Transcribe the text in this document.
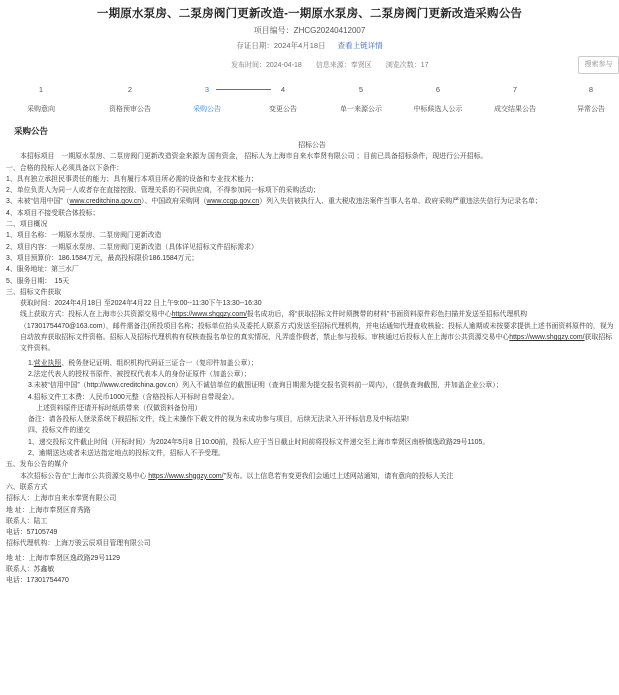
一期原水泵房、二泵房阀门更新改造-一期原水泵房、二泵房阀门更新改造采购公告
项目编号：ZHCG20240412007
存证日期：2024年4月18日 查看上链详情
发布时间：2024-04-18 信息来源：奉贤区 浏览次数：17	搜索参与
1
采购意向
2
资格预审公告
3
采购公告
4
变更公告
5
单一来源公示
6
中标候选人公示
7
成交结果公告
8
异常公告
采购公告

招标公告

本招标项目　一期原水泵房、二泵房阀门更新改造资金来源为 国有资金， 招标人为上海市自来水奉贤有限公司 ；目前已具备招标条件，现进行公开招标。

一、合格的投标人必须具备以下条件：

1、具有独立承担民事责任的能力；具有履行本项目所必需的设备和专业技术能力；

2、单位负责人为同一人或者存在直接控股、管理关系的不同供应商，不得参加同一标项下的采购活动；

3、未被“信用中国”（www.creditchina.gov.cn）、中国政府采购网（www.ccgp.gov.cn）列入失信被执行人、重大税收违法案件当事人名单、政府采购严重违法失信行为记录名单；

4、本项目不接受联合体投标；

二、项目概况

1、项目名称：一期原水泵房、二泵房阀门更新改造

2、项目内容：一期原水泵房、二泵房阀门更新改造（具体详见招标文件招标需求）

3、项目预算价：186.1584万元，最高投标限价186.1584万元；

4、服务地址：第三水厂

5、服务日期：　15天

三、招标文件获取

获取时间：2024年4月18日 至2024年4月22 日上午9:00--11:30下午13:30--16:30

线上获取方式：投标人在上海市公共资源交易中心https://www.shggzy.com/报名成功后，将“获取招标文件时须携带的材料”书面资料原件彩色扫描并发送至招标代理机构（17301754470@163.com），邮件需备注(所投项目名称；投标单位抬头及委托人联系方式)发送至招标代理机构，并电话通知代理查收核验；投标人逾期或未按要求提供上述书面资料原件的，视为自动放弃获取招标文件资格。招标人及招标代理机构有权核查报名单位的真实情况，凡弄虚作假者，禁止参与投标。审核通过后投标人在上海市公共资源交易中心https://www.shggzy.com/获取招标文件资料。

1.营业执照、税务登记证明、组织机构代码证三证合一（复印件加盖公章）；

2.法定代表人的授权书原件、被授权代表本人的身份证原件（加盖公章）；

3.未被“信用中国”（http://www.creditchina.gov.cn）列入不诚信单位的截图证明（查询日期需为提交报名资料前一周内），（提供查询截图，并加盖企业公章）；

4.招标文件工本费：人民币1000元整（含格投标人开标时自带现金）。

上述资料原件还请开标时纸质带来（仅做资料备份用）

备注：请各投标人登录系统下载招标文件，线上未操作下载文件的视为未成功参与项目，后续无法录入开评标信息及中标结果!

四、投标文件的递交

1、递交投标文件截止时间（开标时间）为2024年5月8 日10:00前，投标人应于当日截止时间前将投标文件递交至上海市奉贤区南桥镇逸政路29号1105。

2、逾期送达或者未送达指定地点的投标文件，招标人不予受理。

五、发布公告的媒介

本次招标公告在“上海市公共资源交易中心 https://www.shggzy.com/”发布。以上信息若有变更我们会通过上述网站通知，请有意向的投标人关注

六、联系方式

招标人：上海市自来水奉贤有限公司

地 址：上海市奉贤区育秀路

联系人：陆工

电话：57105749

招标代理机构：上海万骏云辰项目管理有限公司

地 址：上海市奉贤区逸政路29号1129

联系人：苏鑫敏

电话：17301754470
